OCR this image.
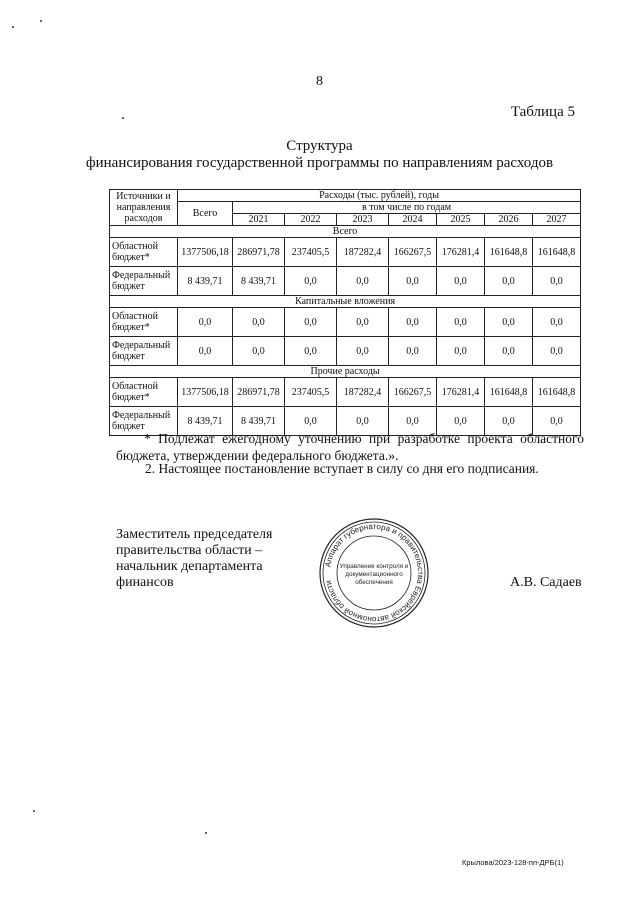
8
Таблица 5
Структура
финансирования государственной программы по направлениям расходов
Источники и направления расходов	Расходы (тыс. рублей), годы							
	Всего	в том числе по годам						
		2021	2022	2023	2024	2025	2026	2027
Всего								
Областной бюджет*	1377506,18	286971,78	237405,5	187282,4	166267,5	176281,4	161648,8	161648,8
Федеральный бюджет	8 439,71	8 439,71	0,0	0,0	0,0	0,0	0,0	0,0
Капитальные вложения								
Областной бюджет*	0,0	0,0	0,0	0,0	0,0	0,0	0,0	0,0
Федеральный бюджет	0,0	0,0	0,0	0,0	0,0	0,0	0,0	0,0
Прочие расходы								
Областной бюджет*	1377506,18	286971,78	237405,5	187282,4	166267,5	176281,4	161648,8	161648,8
Федеральный бюджет	8 439,71	8 439,71	0,0	0,0	0,0	0,0	0,0	0,0
* Подлежат ежегодному уточнению при разработке проекта областного бюджета, утверждении федерального бюджета.».
2. Настоящее постановление вступает в силу со дня его подписания.
Заместитель председателя
правительства области –
начальник департамента
финансов
Аппарат губернатора и правительства Еврейской автономной области
Управление контроля и
документационного
обеспечения	А.В. Садаев
Крылова/2023-128-пп-ДРБ(1)
